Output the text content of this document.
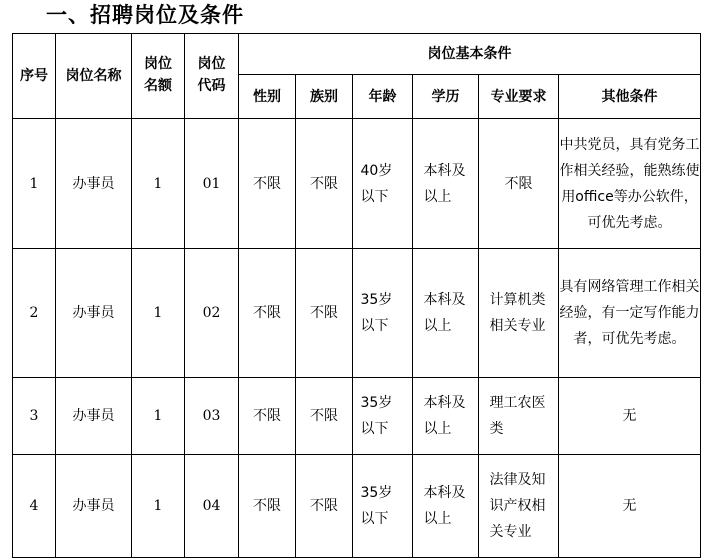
一、招聘岗位及条件
序号	岗位名称	岗位名额	岗位代码	岗位基本条件					
				性别	族别	年龄	学历	专业要求	其他条件
1	办事员	1	01	不限	不限	40岁以下	本科及以上	不限	中共党员，具有党务工作相关经验，能熟练使用office等办公软件，可优先考虑。
2	办事员	1	02	不限	不限	35岁以下	本科及以上	计算机类相关专业	具有网络管理工作相关经验，有一定写作能力者，可优先考虑。
3	办事员	1	03	不限	不限	35岁以下	本科及以上	理工农医类	无
4	办事员	1	04	不限	不限	35岁以下	本科及以上	法律及知识产权相关专业	无
